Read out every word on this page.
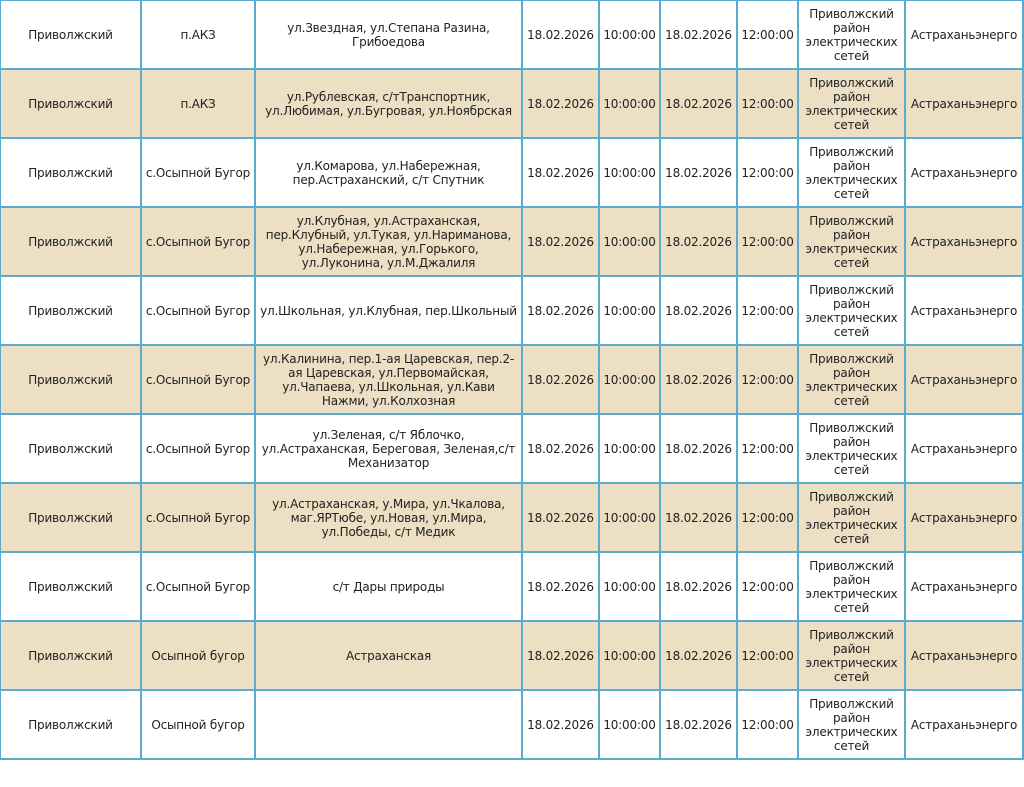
Приволжский	п.АКЗ	ул.Звездная, ул.Степана Разина, Грибоедова	18.02.2026	10:00:00	18.02.2026	12:00:00	Приволжский район электрических сетей	Астраханьэнерго
Приволжский	п.АКЗ	ул.Рублевская, с/тТранспортник, ул.Любимая, ул.Бугровая, ул.Ноябрская	18.02.2026	10:00:00	18.02.2026	12:00:00	Приволжский район электрических сетей	Астраханьэнерго
Приволжский	с.Осыпной Бугор	ул.Комарова, ул.Набережная, пер.Астраханский, с/т Спутник	18.02.2026	10:00:00	18.02.2026	12:00:00	Приволжский район электрических сетей	Астраханьэнерго
Приволжский	с.Осыпной Бугор	ул.Клубная, ул.Астраханская, пер.Клубный, ул.Тукая, ул.Нариманова, ул.Набережная, ул.Горького, ул.Луконина, ул.М.Джалиля	18.02.2026	10:00:00	18.02.2026	12:00:00	Приволжский район электрических сетей	Астраханьэнерго
Приволжский	с.Осыпной Бугор	ул.Школьная, ул.Клубная, пер.Школьный	18.02.2026	10:00:00	18.02.2026	12:00:00	Приволжский район электрических сетей	Астраханьэнерго
Приволжский	с.Осыпной Бугор	ул.Калинина, пер.1-ая Царевская, пер.2-ая Царевская, ул.Первомайская, ул.Чапаева, ул.Школьная, ул.Кави Нажми, ул.Колхозная	18.02.2026	10:00:00	18.02.2026	12:00:00	Приволжский район электрических сетей	Астраханьэнерго
Приволжский	с.Осыпной Бугор	ул.Зеленая, с/т Яблочко, ул.Астраханская, Береговая, Зеленая,с/т Механизатор	18.02.2026	10:00:00	18.02.2026	12:00:00	Приволжский район электрических сетей	Астраханьэнерго
Приволжский	с.Осыпной Бугор	ул.Астраханская, у.Мира, ул.Чкалова, маг.ЯРТюбе, ул.Новая, ул.Мира, ул.Победы, с/т Медик	18.02.2026	10:00:00	18.02.2026	12:00:00	Приволжский район электрических сетей	Астраханьэнерго
Приволжский	с.Осыпной Бугор	с/т Дары природы	18.02.2026	10:00:00	18.02.2026	12:00:00	Приволжский район электрических сетей	Астраханьэнерго
Приволжский	Осыпной бугор	Астраханская	18.02.2026	10:00:00	18.02.2026	12:00:00	Приволжский район электрических сетей	Астраханьэнерго
Приволжский	Осыпной бугор		18.02.2026	10:00:00	18.02.2026	12:00:00	Приволжский район электрических сетей	Астраханьэнерго
